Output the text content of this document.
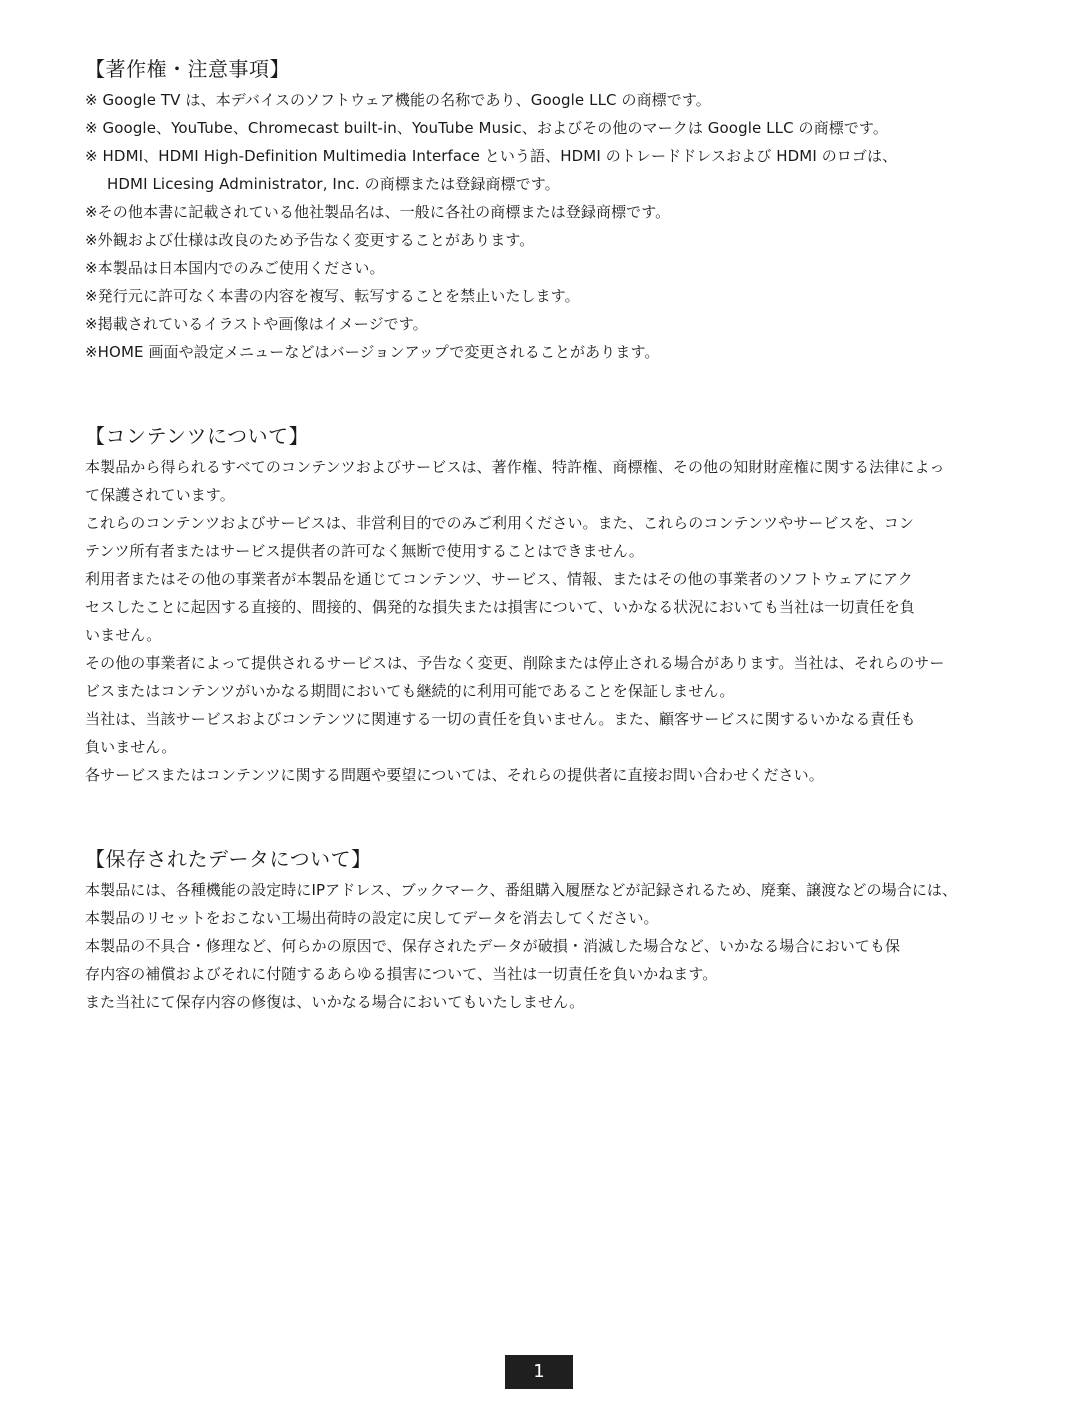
【著作権・注意事項】

※ Google TV は、本デバイスのソフトウェア機能の名称であり、Google LLC の商標です。

※ Google、YouTube、Chromecast built-in、YouTube Music、およびその他のマークは Google LLC の商標です。

※ HDMI、HDMI High-Definition Multimedia Interface という語、HDMI のトレードドレスおよび HDMI のロゴは、

HDMI Licesing Administrator, Inc. の商標または登録商標です。

※その他本書に記載されている他社製品名は、一般に各社の商標または登録商標です。

※外観および仕様は改良のため予告なく変更することがあります。

※本製品は日本国内でのみご使用ください。

※発行元に許可なく本書の内容を複写、転写することを禁止いたします。

※掲載されているイラストや画像はイメージです。

※HOME 画面や設定メニューなどはバージョンアップで変更されることがあります。

【コンテンツについて】

本製品から得られるすべてのコンテンツおよびサービスは、著作権、特許権、商標権、その他の知財財産権に関する法律によっ

て保護されています。

これらのコンテンツおよびサービスは、非営利目的でのみご利用ください。また、これらのコンテンツやサービスを、コン

テンツ所有者またはサービス提供者の許可なく無断で使用することはできません。

利用者またはその他の事業者が本製品を通じてコンテンツ、サービス、情報、またはその他の事業者のソフトウェアにアク

セスしたことに起因する直接的、間接的、偶発的な損失または損害について、いかなる状況においても当社は一切責任を負

いません。

その他の事業者によって提供されるサービスは、予告なく変更、削除または停止される場合があります。当社は、それらのサー

ビスまたはコンテンツがいかなる期間においても継続的に利用可能であることを保証しません。

当社は、当該サービスおよびコンテンツに関連する一切の責任を負いません。また、顧客サービスに関するいかなる責任も

負いません。

各サービスまたはコンテンツに関する問題や要望については、それらの提供者に直接お問い合わせください。

【保存されたデータについて】

本製品には、各種機能の設定時にIPアドレス、ブックマーク、番組購入履歴などが記録されるため、廃棄、譲渡などの場合には、

本製品のリセットをおこない工場出荷時の設定に戻してデータを消去してください。

本製品の不具合・修理など、何らかの原因で、保存されたデータが破損・消滅した場合など、いかなる場合においても保

存内容の補償およびそれに付随するあらゆる損害について、当社は一切責任を負いかねます。

また当社にて保存内容の修復は、いかなる場合においてもいたしません。

1
